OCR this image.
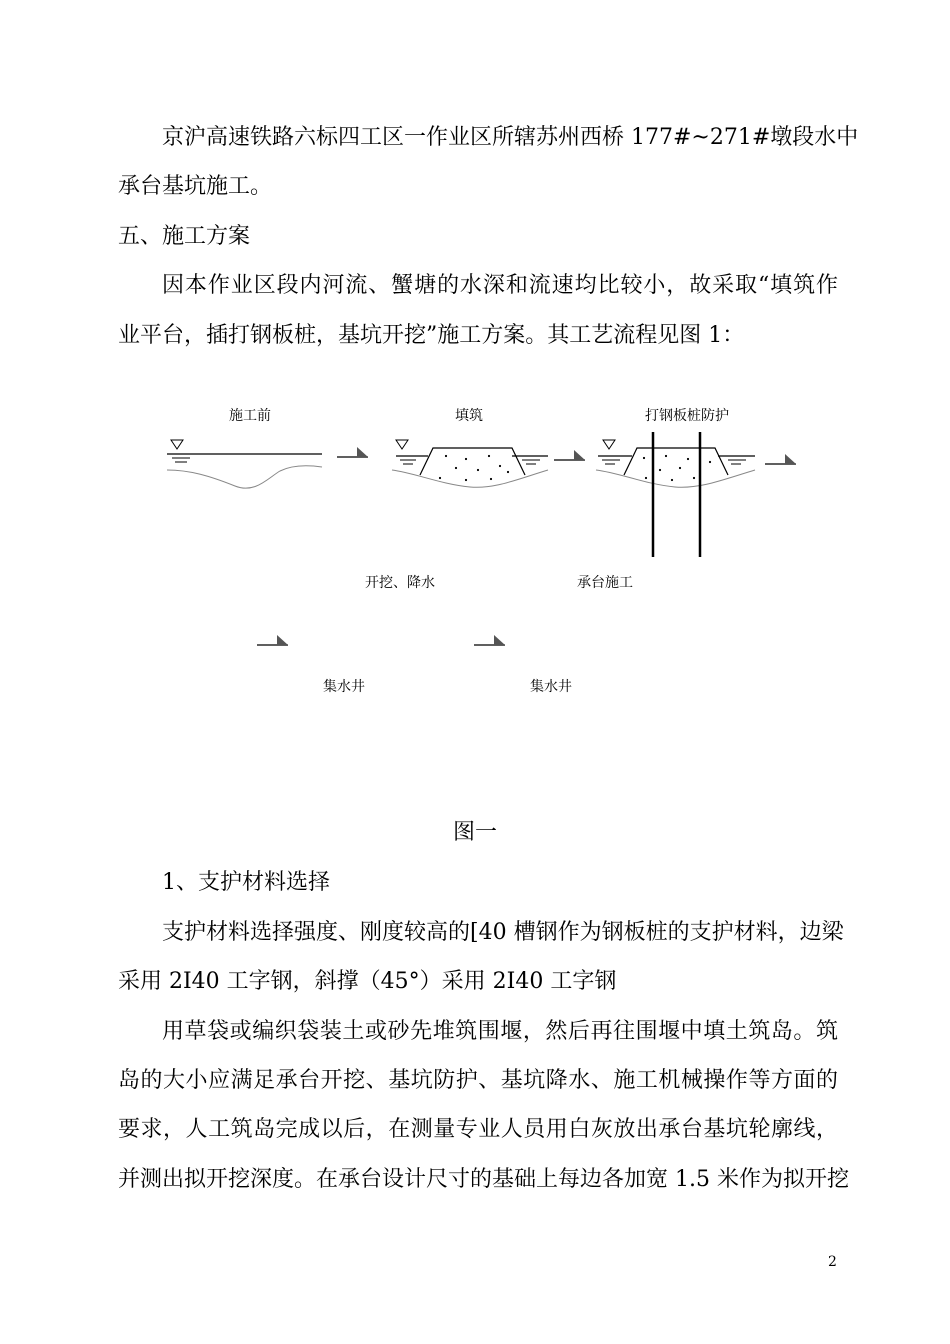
京沪高速铁路六标四工区一作业区所辖苏州西桥 177#~271#墩段水中
承台基坑施工。
五、施工方案
因本作业区段内河流、蟹塘的水深和流速均比较小，故采取“填筑作
业平台，插打钢板桩，基坑开挖”施工方案。其工艺流程见图 1：
施工前	填筑	打钢板桩防护
开挖、降水	承台施工
集水井	集水井
图一
1、支护材料选择
支护材料选择强度、刚度较高的[40 槽钢作为钢板桩的支护材料，边梁
采用 2I40 工字钢，斜撑（45°）采用 2I40 工字钢
用草袋或编织袋装土或砂先堆筑围堰，然后再往围堰中填土筑岛。筑
岛的大小应满足承台开挖、基坑防护、基坑降水、施工机械操作等方面的
要求，人工筑岛完成以后，在测量专业人员用白灰放出承台基坑轮廓线，
并测出拟开挖深度。在承台设计尺寸的基础上每边各加宽 1.5 米作为拟开挖
2
